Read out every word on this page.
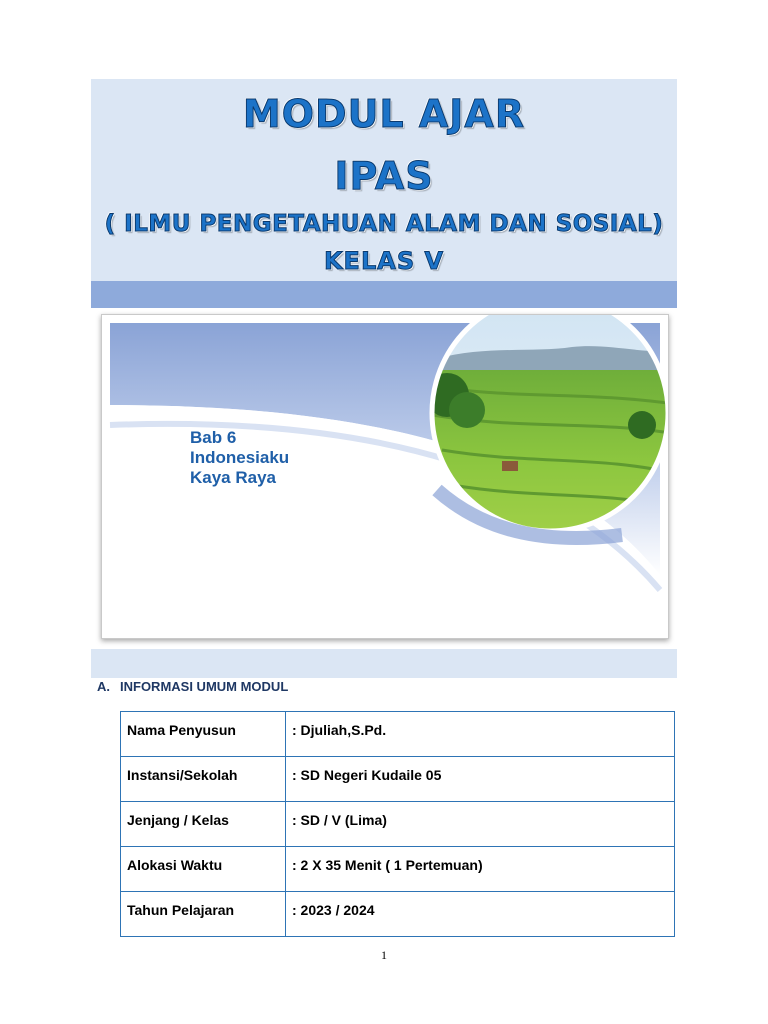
MODUL AJAR
IPAS
( ILMU PENGETAHUAN ALAM DAN SOSIAL)
KELAS V
Bab 6
Indonesiaku
Kaya Raya
A. INFORMASI UMUM MODUL
Nama Penyusun	: Djuliah,S.Pd.
Instansi/Sekolah	: SD Negeri Kudaile 05
Jenjang / Kelas	: SD / V (Lima)
Alokasi Waktu	: 2 X 35 Menit ( 1 Pertemuan)
Tahun Pelajaran	: 2023 / 2024
1
